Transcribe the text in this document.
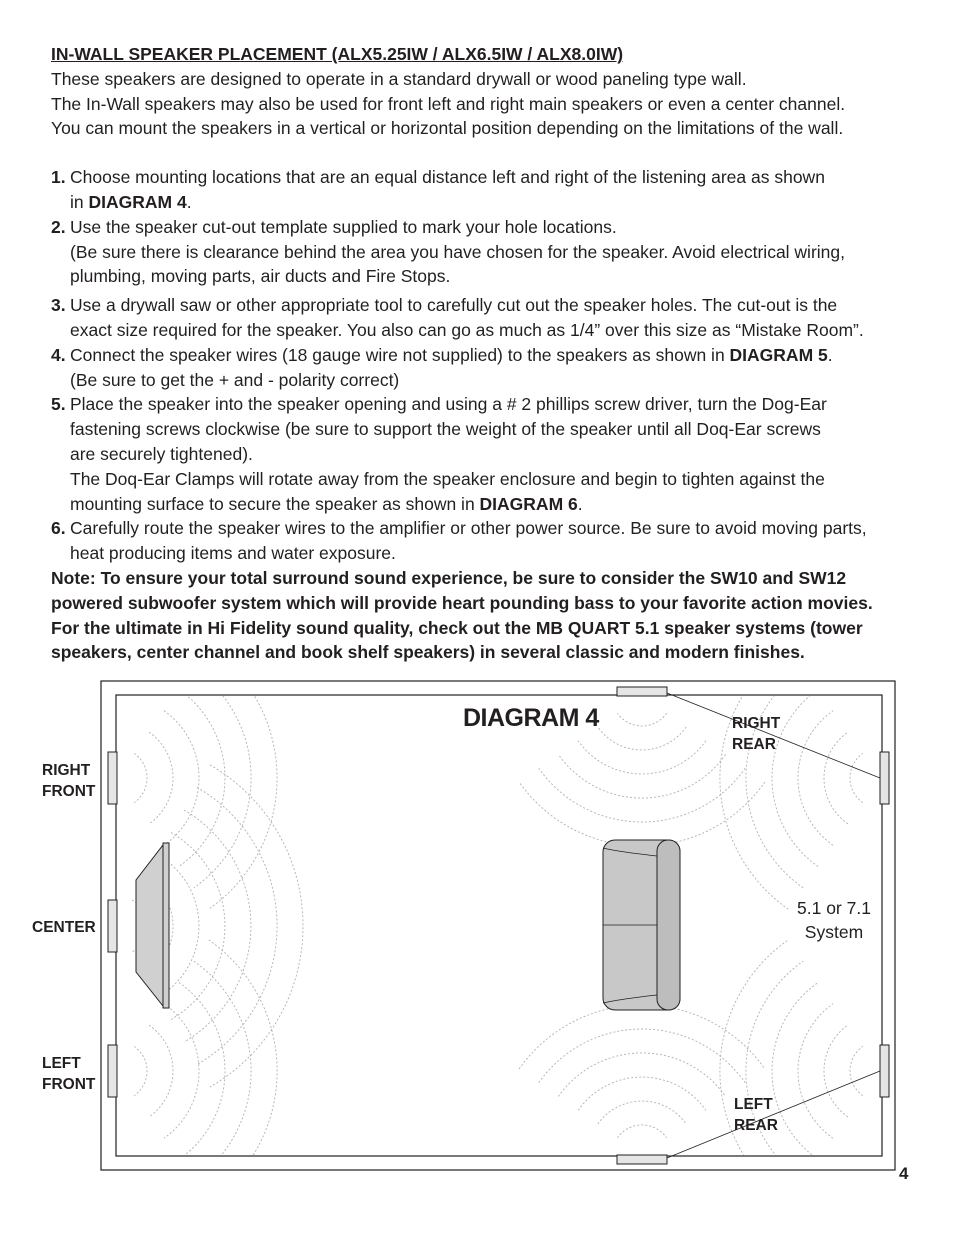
IN-WALL SPEAKER PLACEMENT (ALX5.25IW / ALX6.5IW / ALX8.0IW)

These speakers are designed to operate in a standard drywall or wood paneling type wall.

The In-Wall speakers may also be used for front left and right main speakers or even a center channel.

You can mount the speakers in a vertical or horizontal position depending on the limitations of the wall.

1. Choose mounting locations that are an equal distance left and right of the listening area as shown

in DIAGRAM 4.

2. Use the speaker cut-out template supplied to mark your hole locations.

(Be sure there is clearance behind the area you have chosen for the speaker. Avoid electrical wiring,

plumbing, moving parts, air ducts and Fire Stops.

3. Use a drywall saw or other appropriate tool to carefully cut out the speaker holes. The cut-out is the

exact size required for the speaker. You also can go as much as 1/4” over this size as “Mistake Room”.

4. Connect the speaker wires (18 gauge wire not supplied) to the speakers as shown in DIAGRAM 5.

(Be sure to get the + and - polarity correct)

5. Place the speaker into the speaker opening and using a # 2 phillips screw driver, turn the Dog-Ear

fastening screws clockwise (be sure to support the weight of the speaker until all Doq-Ear screws

are securely tightened).

The Doq-Ear Clamps will rotate away from the speaker enclosure and begin to tighten against the

mounting surface to secure the speaker as shown in DIAGRAM 6.

6. Carefully route the speaker wires to the amplifier or other power source. Be sure to avoid moving parts,

heat producing items and water exposure.

Note: To ensure your total surround sound experience, be sure to consider the SW10 and SW12

powered subwoofer system which will provide heart pounding bass to your favorite action movies.

For the ultimate in Hi Fidelity sound quality, check out the MB QUART 5.1 speaker systems (tower

speakers, center channel and book shelf speakers) in several classic and modern finishes.

DIAGRAM 4
RIGHT
FRONT
CENTER
LEFT
FRONT
RIGHT
REAR
LEFT
REAR
5.1 or 7.1
System
4
